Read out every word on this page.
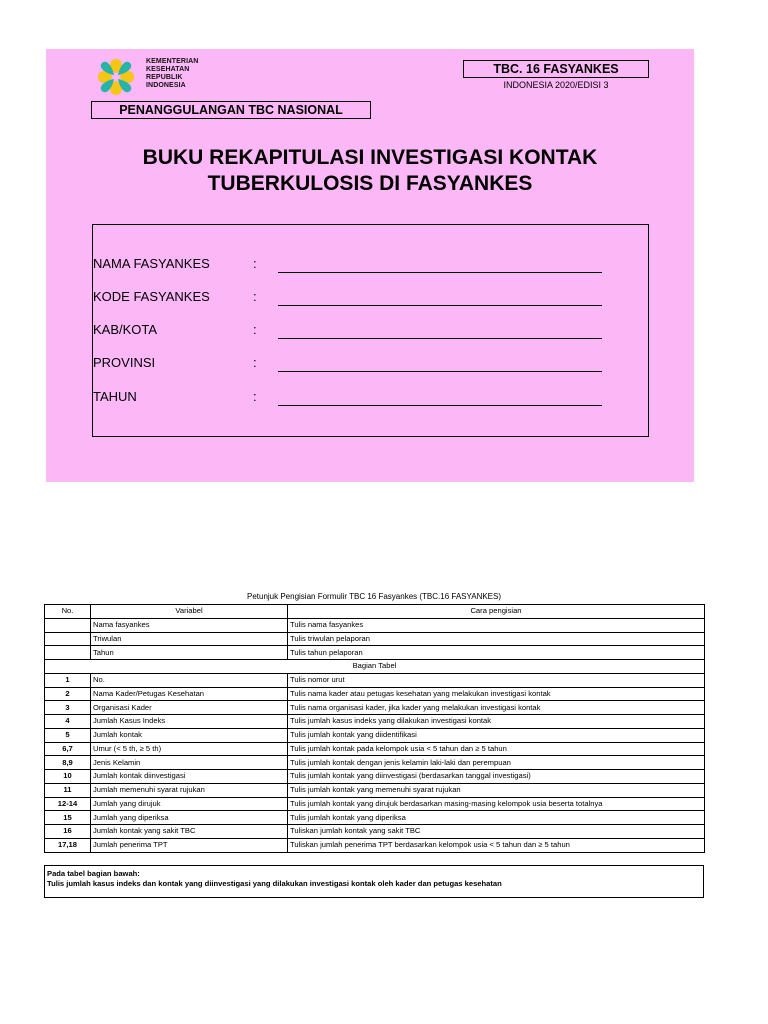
KEMENTERIAN
KESEHATAN
REPUBLIK
INDONESIA
TBC. 16 FASYANKES
INDONESIA 2020/EDISI 3
PENANGGULANGAN TBC NASIONAL
BUKU REKAPITULASI INVESTIGASI KONTAK
TUBERKULOSIS DI FASYANKES
NAMA FASYANKES	:
KODE FASYANKES	:
KAB/KOTA	:
PROVINSI	:
TAHUN	:
Petunjuk Pengisian Formulir TBC 16 Fasyankes (TBC.16 FASYANKES)
No.	Variabel	Cara pengisian
	Nama fasyankes	Tulis nama fasyankes
	Triwulan	Tulis triwulan pelaporan
	Tahun	Tulis tahun pelaporan
Bagian Tabel		
1	No.	Tulis nomor urut
2	Nama Kader/Petugas Kesehatan	Tulis nama kader atau petugas kesehatan yang melakukan investigasi kontak
3	Organisasi Kader	Tulis nama organisasi kader, jika kader yang melakukan investigasi kontak
4	Jumlah Kasus Indeks	Tulis jumlah kasus indeks yang dilakukan investigasi kontak
5	Jumlah kontak	Tulis jumlah kontak yang diidentifikasi
6,7	Umur (< 5 th, ≥ 5 th)	Tulis jumlah kontak pada kelompok usia < 5 tahun dan ≥ 5 tahun
8,9	Jenis Kelamin	Tulis jumlah kontak dengan jenis kelamin laki-laki dan perempuan
10	Jumlah kontak diinvestigasi	Tulis jumlah kontak yang diinvestigasi (berdasarkan tanggal investigasi)
11	Jumlah memenuhi syarat rujukan	Tulis jumlah kontak yang memenuhi syarat rujukan
12-14	Jumlah yang dirujuk	Tulis jumlah kontak yang dirujuk berdasarkan masing-masing kelompok usia beserta totalnya
15	Jumlah yang diperiksa	Tulis jumlah kontak yang diperiksa
16	Jumlah kontak yang sakit TBC	Tuliskan jumlah kontak yang sakit TBC
17,18	Jumlah penerima TPT	Tuliskan jumlah penerima TPT berdasarkan kelompok usia < 5 tahun dan ≥ 5 tahun
Pada tabel bagian bawah:
Tulis jumlah kasus indeks dan kontak yang diinvestigasi yang dilakukan investigasi kontak oleh kader dan petugas kesehatan
